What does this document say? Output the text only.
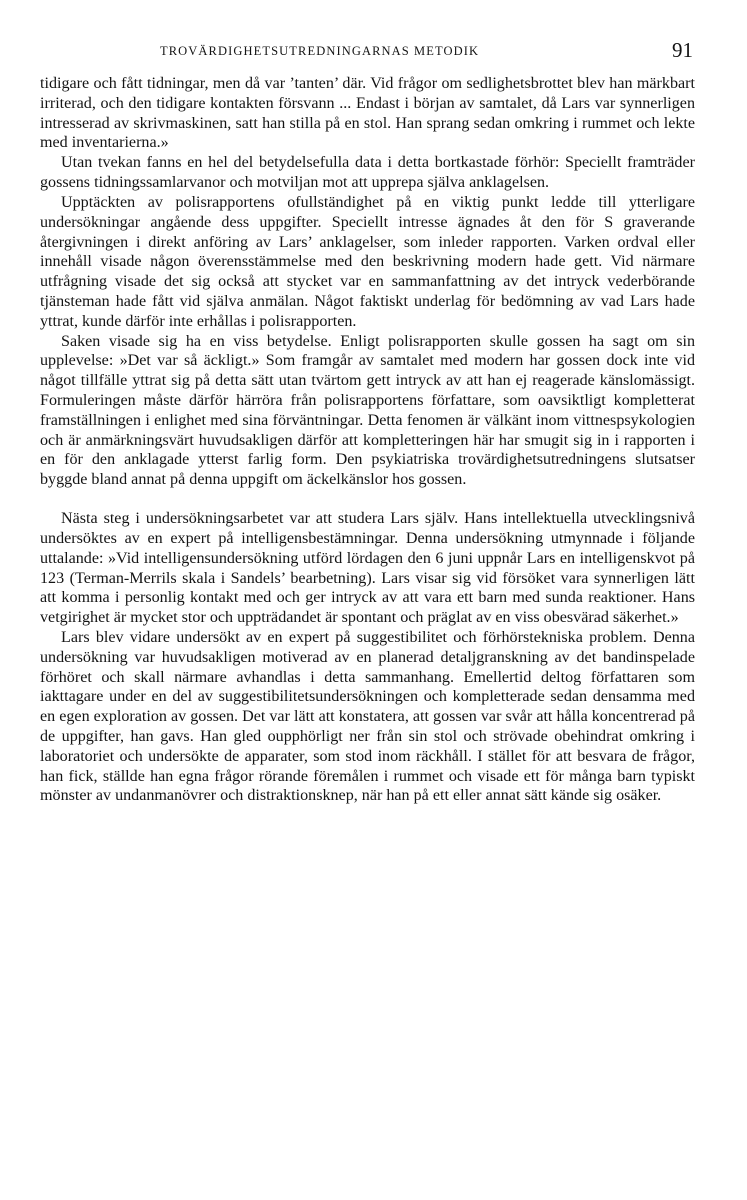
TROVÄRDIGHETSUTREDNINGARNAS METODIK	91

tidigare och fått tidningar, men då var ’tanten’ där. Vid frågor om sedlighetsbrottet blev han märkbart irriterad, och den tidigare kontakten försvann ... Endast i början av samtalet, då Lars var synnerligen intresserad av skrivmaskinen, satt han stilla på en stol. Han sprang sedan omkring i rummet och lekte med inventarierna.»

Utan tvekan fanns en hel del betydelsefulla data i detta bortkastade förhör: Speciellt framträder gossens tidningssamlarvanor och motviljan mot att upprepa själva anklagelsen.

Upptäckten av polisrapportens ofullständighet på en viktig punkt ledde till ytterligare undersökningar angående dess uppgifter. Speciellt intresse ägnades åt den för S graverande återgivningen i direkt anföring av Lars’ anklagelser, som inleder rapporten. Varken ordval eller innehåll visade någon överensstämmelse med den beskrivning modern hade gett. Vid närmare utfrågning visade det sig också att stycket var en sammanfattning av det intryck vederbörande tjänsteman hade fått vid själva anmälan. Något faktiskt underlag för bedömning av vad Lars hade yttrat, kunde därför inte erhållas i polisrapporten.

Saken visade sig ha en viss betydelse. Enligt polisrapporten skulle gossen ha sagt om sin upplevelse: »Det var så äckligt.» Som framgår av samtalet med modern har gossen dock inte vid något tillfälle yttrat sig på detta sätt utan tvärtom gett intryck av att han ej reagerade känslomässigt. Formuleringen måste därför härröra från polisrapportens författare, som oavsiktligt kompletterat framställningen i enlighet med sina förväntningar. Detta fenomen är välkänt inom vittnespsykologien och är anmärkningsvärt huvudsakligen därför att kompletteringen här har smugit sig in i rapporten i en för den anklagade ytterst farlig form. Den psykiatriska trovärdighetsutredningens slutsatser byggde bland annat på denna uppgift om äckelkänslor hos gossen.

Nästa steg i undersökningsarbetet var att studera Lars själv. Hans intellektuella utvecklingsnivå undersöktes av en expert på intelligensbestämningar. Denna undersökning utmynnade i följande uttalande: »Vid intelligensundersökning utförd lördagen den 6 juni uppnår Lars en intelligenskvot på 123 (Terman-Merrils skala i Sandels’ bearbetning). Lars visar sig vid försöket vara synnerligen lätt att komma i personlig kontakt med och ger intryck av att vara ett barn med sunda reaktioner. Hans vetgirighet är mycket stor och uppträdandet är spontant och präglat av en viss obesvärad säkerhet.»

Lars blev vidare undersökt av en expert på suggestibilitet och förhörstekniska problem. Denna undersökning var huvudsakligen motiverad av en planerad detaljgranskning av det bandinspelade förhöret och skall närmare avhandlas i detta sammanhang. Emellertid deltog författaren som iakttagare under en del av suggestibilitetsundersökningen och kompletterade sedan densamma med en egen exploration av gossen. Det var lätt att konstatera, att gossen var svår att hålla koncentrerad på de uppgifter, han gavs. Han gled oupphörligt ner från sin stol och strövade obehindrat omkring i laboratoriet och undersökte de apparater, som stod inom räckhåll. I stället för att besvara de frågor, han fick, ställde han egna frågor rörande föremålen i rummet och visade ett för många barn typiskt mönster av undanmanövrer och distraktionsknep, när han på ett eller annat sätt kände sig osäker.
